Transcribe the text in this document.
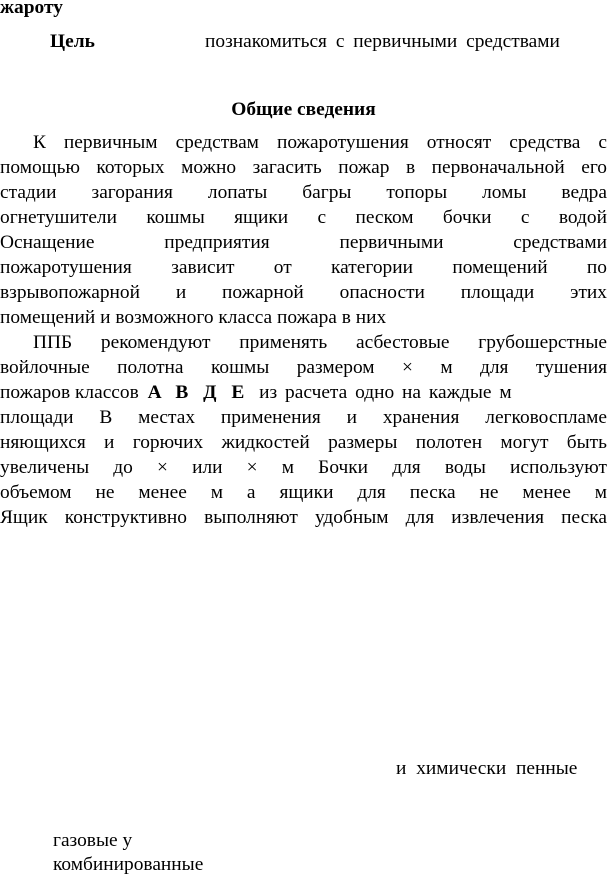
жароту
Цель	познакомиться с первичными средствами
Общие сведения
К первичным средствам пожаротушения относят средства с
помощью которых можно загасить пожар в первоначальной его
стадии загорания лопаты багры топоры ломы ведра
огнетушители кошмы ящики с песком бочки с водой
Оснащение предприятия первичными средствами
пожаротушения зависит от категории помещений по
взрывопожарной и пожарной опасности площади этих
помещений и возможного класса пожара в них
ППБ рекомендуют применять асбестовые грубошерстные
войлочные полотна кошмы размером × м для тушения
пожаров классов A B Д E из расчета одно на каждые м
площади В местах применения и хранения легковоспламе
няющихся и горючих жидкостей размеры полотен могут быть
увеличены до × или × м Бочки для воды используют
объемом не менее м а ящики для песка не менее м
Ящик конструктивно выполняют удобным для извлечения песка
и химически пенные
газовые у
комбинированные
